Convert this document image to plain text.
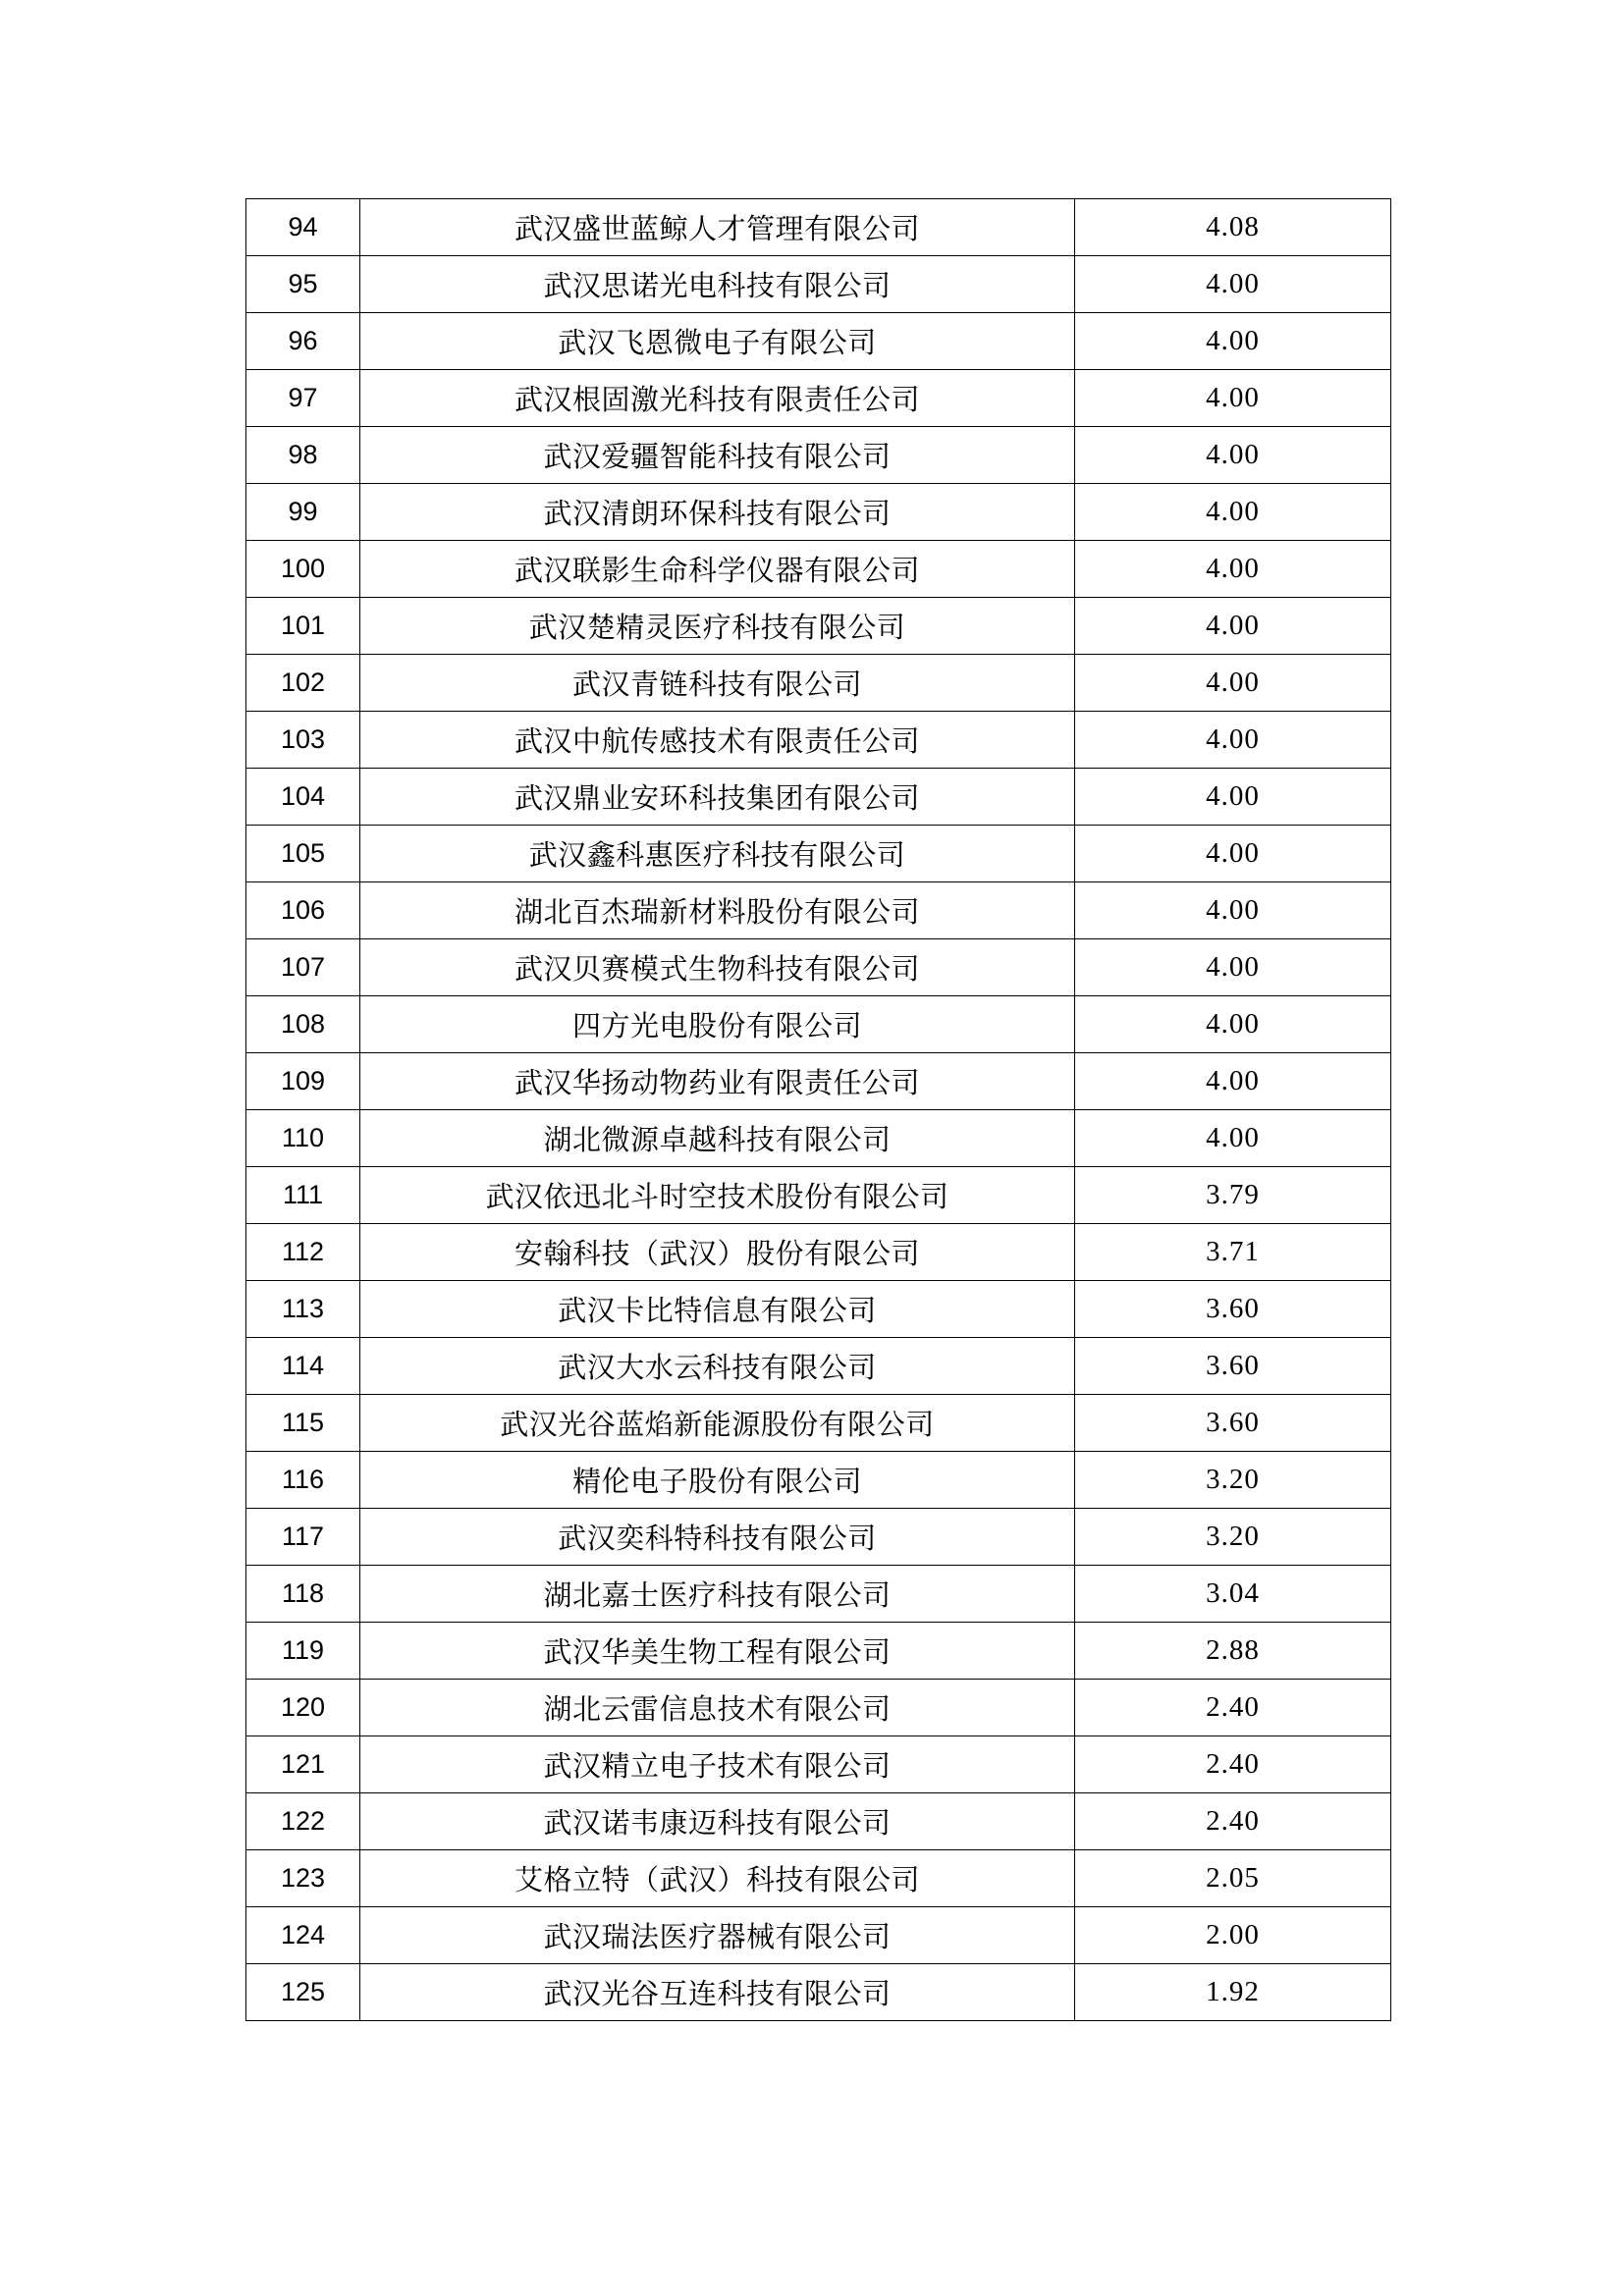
94	武汉盛世蓝鲸人才管理有限公司	4.08
95	武汉思诺光电科技有限公司	4.00
96	武汉飞恩微电子有限公司	4.00
97	武汉根固激光科技有限责任公司	4.00
98	武汉爱疆智能科技有限公司	4.00
99	武汉清朗环保科技有限公司	4.00
100	武汉联影生命科学仪器有限公司	4.00
101	武汉楚精灵医疗科技有限公司	4.00
102	武汉青链科技有限公司	4.00
103	武汉中航传感技术有限责任公司	4.00
104	武汉鼎业安环科技集团有限公司	4.00
105	武汉鑫科惠医疗科技有限公司	4.00
106	湖北百杰瑞新材料股份有限公司	4.00
107	武汉贝赛模式生物科技有限公司	4.00
108	四方光电股份有限公司	4.00
109	武汉华扬动物药业有限责任公司	4.00
110	湖北微源卓越科技有限公司	4.00
111	武汉依迅北斗时空技术股份有限公司	3.79
112	安翰科技（武汉）股份有限公司	3.71
113	武汉卡比特信息有限公司	3.60
114	武汉大水云科技有限公司	3.60
115	武汉光谷蓝焰新能源股份有限公司	3.60
116	精伦电子股份有限公司	3.20
117	武汉奕科特科技有限公司	3.20
118	湖北嘉士医疗科技有限公司	3.04
119	武汉华美生物工程有限公司	2.88
120	湖北云雷信息技术有限公司	2.40
121	武汉精立电子技术有限公司	2.40
122	武汉诺韦康迈科技有限公司	2.40
123	艾格立特（武汉）科技有限公司	2.05
124	武汉瑞法医疗器械有限公司	2.00
125	武汉光谷互连科技有限公司	1.92
